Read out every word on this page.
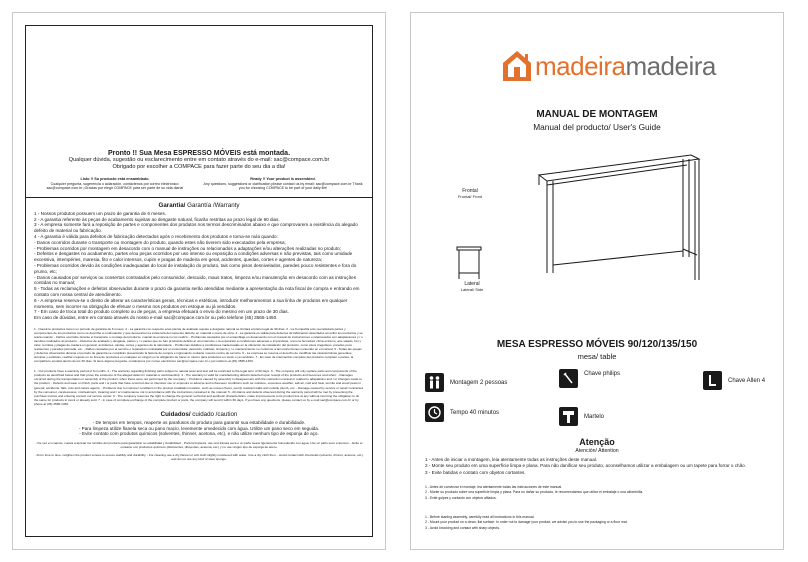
Pronto !! Sua Mesa ESPRESSO MÓVEIS está montada.
Qualquer dúvida, sugestão ou esclarecimento entre em contato através do e-mail: sac@compace.com.br
Obrigado por escolher a COMPACE para fazer parte do seu dia a dia!
Listo !! Su producto está ensamblado.
Cualquier pregunta, sugerencia o aclaración, contáctenos por correo electrónico: sac@compace.com.br ¡Gracias por elegir COMPACE para ser parte de su vida diaria!
Ready !! Your product is assembled.
Any questions, suggestions or clarification please contact us by email: sac@compace.com.br Thank you for choosing COMPACE to be part of your daily life!
Garantia/ Garantía /Warranty
1 - Nossos produtos possuem um prazo de garantia de 6 meses.
2 - A garantia referente às peças de acabamento sujeitas ao desgaste natural, ficarão restritas ao prazo legal de 90 dias.
3 - A empresa somente fará a reposição de partes e componentes dos produtos nos termos descriminados abaixo e que comprovarem a existência do alegado defeito de material ou fabricação.
4 - A garantia é válida para defeitos de fabricação detectados após o recebimento dos produtos e torna-se nula quando:
- Danos ocorridos durante o transporte ou montagem do produto, quando estes não tiverem sido executados pela empresa;
- Problemas ocorridos por montagem em desacordo com o manual de instruções ou relacionados a adaptações e/ou alterações realizadas no produto;
- Defeitos e desgastes no acabamento, partes e/ou peças ocorridos por uso intenso ou exposição a condições adversas e não previstas, tais como umidade excessiva, intempéries, maresia, fito e calor intensos, cupim e pragas de madeira em geral, acidentes, quedas, cortes e agentes de natureza;
- Problemas ocorridos devido às condições inadequadas do local de instalação do produto, tais como pisos desnivelados, paredes pouco resistentes e fora do prumo, etc;
- Danos causados por serviços ou consertos contratados pelo consumidor, descuido, maus tratos, limpeza e/ou manutenção em desacordo com as instruções contidas no manual;
5 - Todas as reclamações e defeitos observados durante o prazo da garantia serão atendidas mediante a apresentação da nota fiscal de compra e entrando em contato com nossa central de atendimento.
6 - A empresa reserva-se o direito de alterar as características gerais, técnicas e estéticas, introduzir melhoramentos a sua linha de produtos em qualquer momento, sem incorrer na obrigação de efetuar o mesmo nos produtos em estoque ou já vendidos.
7 - Em caso de troca total do produto completo ou de peças, a empresa efetuará o envio do mesmo em um prazo de 30 dias.
Em caso de dúvidas, entre em contato através do nosso e-mail sac@compace.com.br ou pelo telefone (45) 3565-1450.
1 - Nuestros productos tienen un período de garantía de 6 meses. 2 - La garantía con respecto a las piezas de acabado sujetas a desgaste natural se limitará al plazo legal de 90 días. 3 - La Compañía solo reemplazará partes y componentes de los productos como se describe a continuación y que demuestren la existencia del supuesto defecto en material o mano de obra. 4 - La garantía es válida para defectos de fabricación detectados al recibir los productos y se anula cuando: - Daños ocurridos durante el transporte o montaje del producto, cuando la empresa no los realizó; - Problemas causados por el ensamblaje en desacuerdo con el manual de instrucciones o relacionados con adaptaciones y / o cambios realizados al producto; - Defectos de acabado y desgaste, partes y / o partes que se han producido debido al uso intensivo o la exposición a condiciones adversas e imprevistas, como la humedad, clima extremo, aire salado, frío y calor, termitas y plagas de madera en general, accidentes, caídas, cortes y agentes de la naturaleza; - Problemas debidos a condiciones inadecuadas en la ubicación de instalación del producto, como pisos irregulares, paredes poco resistentes y paredes plomada, etc. - Daños causados por el servicio o reparación contratada por el consumidor, descuido, maltrato, limpieza y / o mantenimiento no conforme a las instrucciones contenido en el manual; 5 - Todas las quejas y defectos observados durante el período de garantía se cumplirán presentando la factura de compra e ingresando contacte nuestro centro de servicio. 6 - La empresa se reserva el derecho de modificar las características generales, técnicas y estéticas, realizar mejoras en su línea de productos en cualquier en ningún en la obligación de hacer lo mismo para productos en stock o ya vendidos. 7 - En caso de intercambio completo del producto completo o partes, la compañía lo enviará dentro de los 30 días. Si tiene alguna pregunta, contáctenos por correo electrónico sac@compace.com.br o por teléfono al (45) 3565-1450.
1 - Our products have a warranty period of 6 months. 2 - The warranty regarding finishing parts subject to natural wear and tear will be restricted to the legal term of 90 days. 3 - The company will only replace parts and components of the products as described below and that prove the existence of the alleged defect in material or workmanship. 4 - The warranty is valid for manufacturing defects detected upon receipt of the products and becomes void when: - Damages occurred during the transportation or assembly of the product, when these were not performed by the company; - Problems caused by assembly in disagreement with the instruction manual or related to adaptations and / or changes made to the product; - Defects and wear on finish, parts and / or parts that have occurred due to intensive use or exposure to adverse and unforeseen conditions such as moisture, excessive weather, salt air, cold and heat, termite and wood pests in general, accidents, falls, cuts and nature agents; - Problems due to improper conditions in the product installation location, such as uneven floors, poorly resistant walls and outside plumb, etc. - Damage caused by service or repair contracted by the consumer, carelessness, mistreatment, cleaning and / or maintenance not in accordance with the instructions contained in the manual; 5 - All claims and defects observed during the warranty period will be met by presenting the purchase invoice and entering contact our service center. 6 - The company reserves the right to change the general, technical and aesthetic characteristics, make improvements to its product line at any without incurring the obligation to do the same for products in stock or already sold. 7 - In case of complete exchange of the complete product or parts, the company will send it within 30 days. If you have any questions, please contact us by e-mail sac@compace.com.br or by phone at (45) 3565-1450.
Cuidados/ cuidado /caution
- De tempos em tempos, reaperte os parafusos do produto para garantir sua estabilidade e durabilidade.
- Para limpeza utilize flanela seca ou pano macio, levemente umedecido com água. Utilize um pano seco em seguida.
- Evite contato com produtos químicos (solventes, thinner, acetona, etc), e não utilize nenhum tipo de esponja de aço.
- De vez en cuando, vuelva a apretar los tornillos del producto para garantizar su estabilidad y durabilidad. - Para la limpieza, use una franela seca o un paño suave ligeramente humedecido con agua. Use un paño seco entonces. - Evite el contacto con productos químicos (disolventes, diluyentes, acetona, etc.) y no use ningún tipo de esponja de acero.
- From time to time, retighten the product screws to ensure stability and durability. - For cleaning use a dry flannel or soft cloth slightly moistened with water. Use a dry cloth then. - Avoid contact with chemicals (solvents, thinner, acetone, etc.) and do not use any kind of steel sponge.
madeiramadeira
MANUAL DE MONTAGEM
Manual del producto/ User's Guide
Frontal
Frontal/ Front
Lateral
Lateral/ Side
MESA ESPRESSO MÓVEIS 90/120/135/150
mesa/ table
Montagem 2 pessoas
Chave philips
Chave Allen 4
Tempo 40 minutos
Martelo
Atenção
Atención/ Attention
1 - Antes de iniciar a montagem, leia atentamente todas as instruções deste manual.
2 - Monte seu produto em uma superfície limpa e plana. Para não danificar seu produto, aconselhamos utilizar a embalagem ou um tapete para forrar o chão.
3 - Evite batidas e contato com objetos cortantes.
1 - Antes de comenzar el montaje, lea atentamente todas las instrucciones de este manual.
2 - Monte su producto sobre una superficie limpia y plana. Para no dañar su producto, le recomendamos que utilice el embalaje o una alfombrilla.
3 - Evite golpes y contacto con objetos afilados.
1 - Before starting assembly, carefully read all instructions in this manual.
2 - Mount your product on a clean, flat surface. In order not to damage your product, we advise you to use the packaging or a floor mat.
3 - Avoid knocking and contact with sharp objects.
